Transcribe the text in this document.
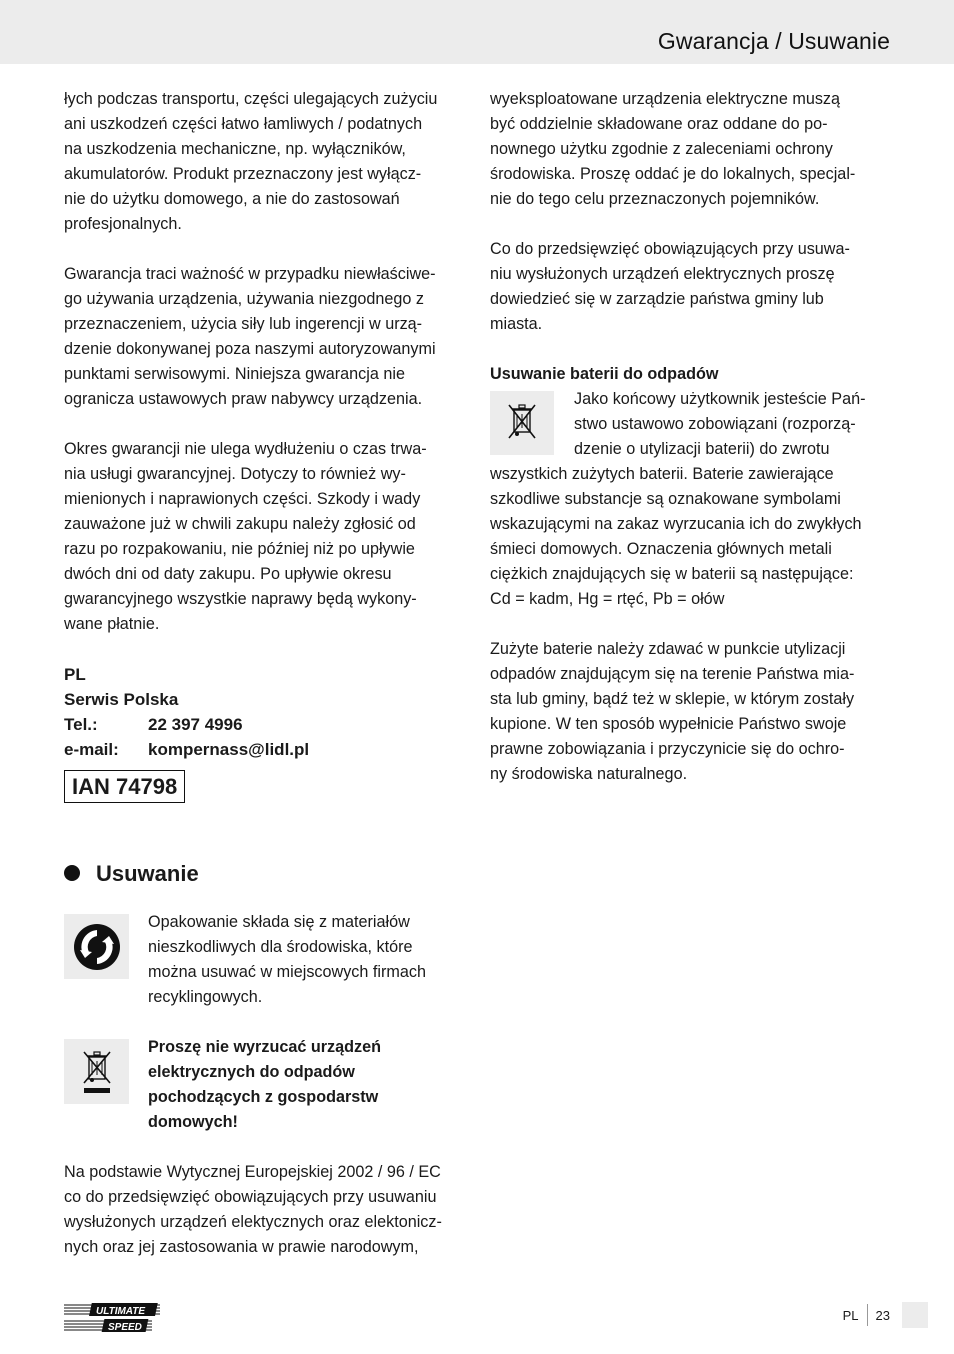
Gwarancja / Usuwanie
łych podczas transportu, części ulegających zużyciu
ani uszkodzeń części łatwo łamliwych / podatnych
na uszkodzenia mechaniczne, np. wyłączników,
akumulatorów. Produkt przeznaczony jest wyłącz-
nie do użytku domowego, a nie do zastosowań
profesjonalnych.
Gwarancja traci ważność w przypadku niewłaściwe-
go używania urządzenia, używania niezgodnego z
przeznaczeniem, użycia siły lub ingerencji w urzą-
dzenie dokonywanej poza naszymi autoryzowanymi
punktami serwisowymi. Niniejsza gwarancja nie
ogranicza ustawowych praw nabywcy urządzenia.
Okres gwarancji nie ulega wydłużeniu o czas trwa-
nia usługi gwarancyjnej. Dotyczy to również wy-
mienionych i naprawionych części. Szkody i wady
zauważone już w chwili zakupu należy zgłosić od
razu po rozpakowaniu, nie później niż po upływie
dwóch dni od daty zakupu. Po upływie okresu
gwarancyjnego wszystkie naprawy będą wykony-
wane płatnie.
PL
Serwis Polska
Tel.:	22 397 4996
e-mail:	kompernass@lidl.pl
IAN 74798
Usuwanie
Opakowanie składa się z materiałów
nieszkodliwych dla środowiska, które
można usuwać w miejscowych firmach
recyklingowych.
Proszę nie wyrzucać urządzeń
elektrycznych do odpadów
pochodzących z gospodarstw
domowych!
Na podstawie Wytycznej Europejskiej 2002 / 96 / EC
co do przedsięwzięć obowiązujących przy usuwaniu
wysłużonych urządzeń elektycznych oraz elektonicz-
nych oraz jej zastosowania w prawie narodowym,
wyeksploatowane urządzenia elektryczne muszą
być oddzielnie składowane oraz oddane do po-
nownego użytku zgodnie z zaleceniami ochrony
środowiska. Proszę oddać je do lokalnych, specjal-
nie do tego celu przeznaczonych pojemników.
Co do przedsięwzięć obowiązujących przy usuwa-
niu wysłużonych urządzeń elektrycznych proszę
dowiedzieć się w zarządzie państwa gminy lub
miasta.
Usuwanie baterii do odpadów
Jako końcowy użytkownik jesteście Pań-
stwo ustawowo zobowiązani (rozporzą-
dzenie o utylizacji baterii) do zwrotu
wszystkich zużytych baterii. Baterie zawierające
szkodliwe substancje są oznakowane symbolami
wskazującymi na zakaz wyrzucania ich do zwykłych
śmieci domowych. Oznaczenia głównych metali
ciężkich znajdujących się w baterii są następujące:
Cd = kadm, Hg = rtęć, Pb = ołów
Zużyte baterie należy zdawać w punkcie utylizacji
odpadów znajdującym się na terenie Państwa mia-
sta lub gminy, bądź też w sklepie, w którym zostały
kupione. W ten sposób wypełnicie Państwo swoje
prawne zobowiązania i przyczynicie się do ochro-
ny środowiska naturalnego.
ULTIMATE
SPEED
PL 23
